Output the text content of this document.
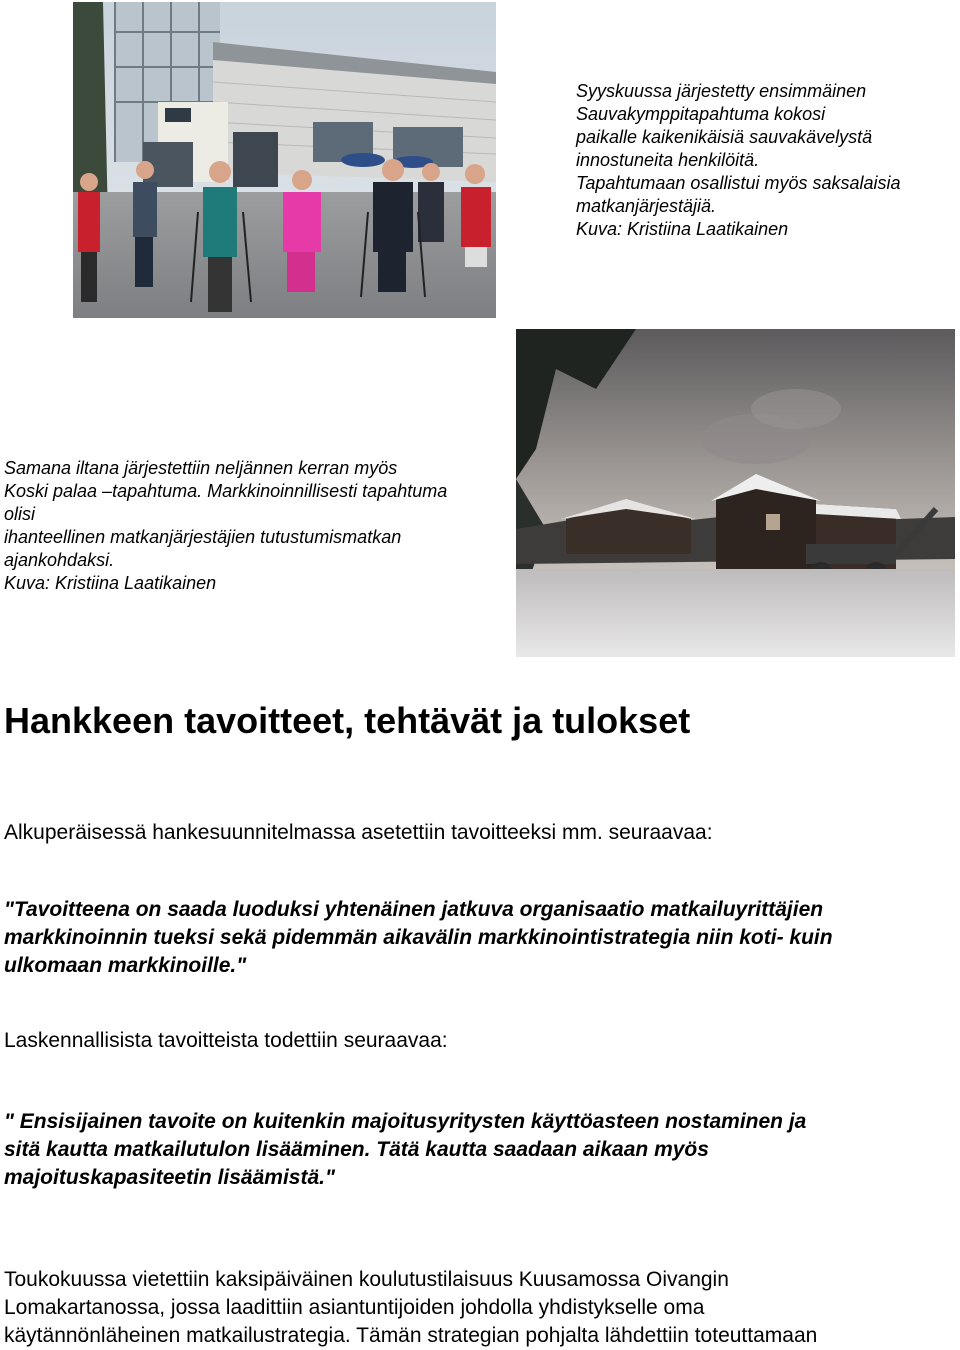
Syyskuussa järjestetty ensimmäinen
Sauvakymppitapahtuma kokosi
paikalle kaikenikäisiä sauvakävelystä
innostuneita henkilöitä.
Tapahtumaan osallistui myös saksalaisia
matkanjärjestäjiä.
Kuva: Kristiina Laatikainen
Samana iltana järjestettiin neljännen kerran myös
Koski palaa –tapahtuma. Markkinoinnillisesti tapahtuma
olisi
ihanteellinen matkanjärjestäjien tutustumismatkan
ajankohdaksi.
Kuva: Kristiina Laatikainen
Hankkeen tavoitteet, tehtävät ja tulokset

Alkuperäisessä hankesuunnitelmassa asetettiin tavoitteeksi mm. seuraavaa:

"Tavoitteena on saada luoduksi yhtenäinen jatkuva organisaatio matkailuyrittäjien
markkinoinnin tueksi sekä pidemmän aikavälin markkinointistrategia niin koti- kuin
ulkomaan markkinoille."

Laskennallisista tavoitteista todettiin seuraavaa:

" Ensisijainen tavoite on kuitenkin majoitusyritysten käyttöasteen nostaminen ja
sitä kautta matkailutulon lisääminen. Tätä kautta saadaan aikaan myös
majoituskapasiteetin lisäämistä."
Toukokuussa vietettiin kaksipäiväinen koulutustilaisuus Kuusamossa Oivangin
Lomakartanossa, jossa laadittiin asiantuntijoiden johdolla yhdistykselle oma
käytännönläheinen matkailustrategia. Tämän strategian pohjalta lähdettiin toteuttamaan
